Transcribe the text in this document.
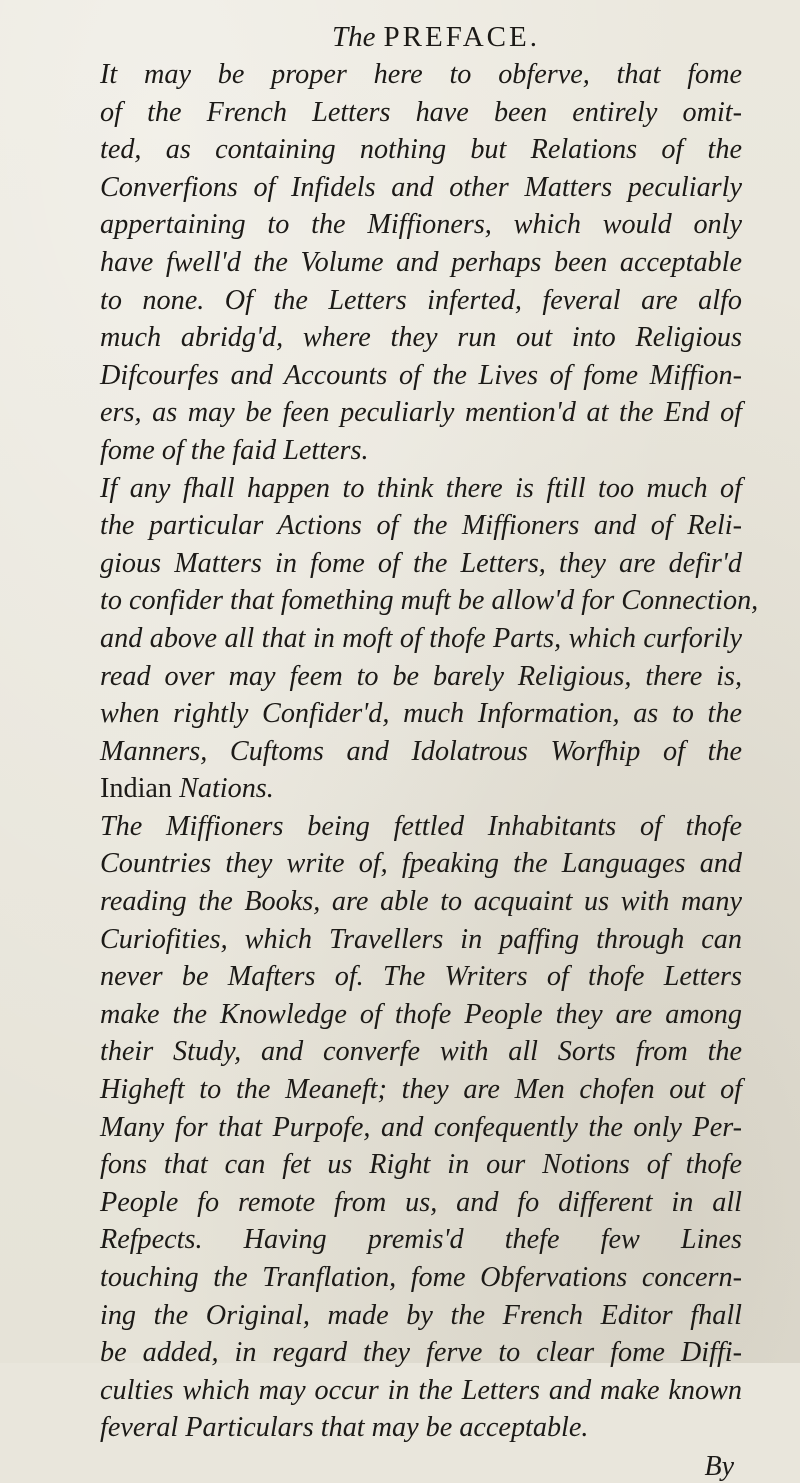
The PREFACE.

It may be proper here to obferve, that fome
of the French Letters have been entirely omit-
ted, as containing nothing but Relations of the
Converfions of Infidels and other Matters peculiarly
appertaining to the Miffioners, which would only
have fwell'd the Volume and perhaps been acceptable
to none. Of the Letters inferted, feveral are alfo
much abridg'd, where they run out into Religious
Difcourfes and Accounts of the Lives of fome Miffion-
ers, as may be feen peculiarly mention'd at the End of
fome of the faid Letters.

If any fhall happen to think there is ftill too much of
the particular Actions of the Miffioners and of Reli-
gious Matters in fome of the Letters, they are defir'd
to confider that fomething muft be allow'd for Connection,
and above all that in moft of thofe Parts, which curforily
read over may feem to be barely Religious, there is,
when rightly Confider'd, much Information, as to the
Manners, Cuftoms and Idolatrous Worfhip of the
Indian Nations.

The Miffioners being fettled Inhabitants of thofe
Countries they write of, fpeaking the Languages and
reading the Books, are able to acquaint us with many
Curiofities, which Travellers in paffing through can
never be Mafters of. The Writers of thofe Letters
make the Knowledge of thofe People they are among
their Study, and converfe with all Sorts from the
Higheft to the Meaneft; they are Men chofen out of
Many for that Purpofe, and confequently the only Per-
fons that can fet us Right in our Notions of thofe
People fo remote from us, and fo different in all
Refpects. Having premis'd thefe few Lines
touching the Tranflation, fome Obfervations concern-
ing the Original, made by the French Editor fhall
be added, in regard they ferve to clear fome Diffi-
culties which may occur in the Letters and make known
feveral Particulars that may be acceptable.

By
